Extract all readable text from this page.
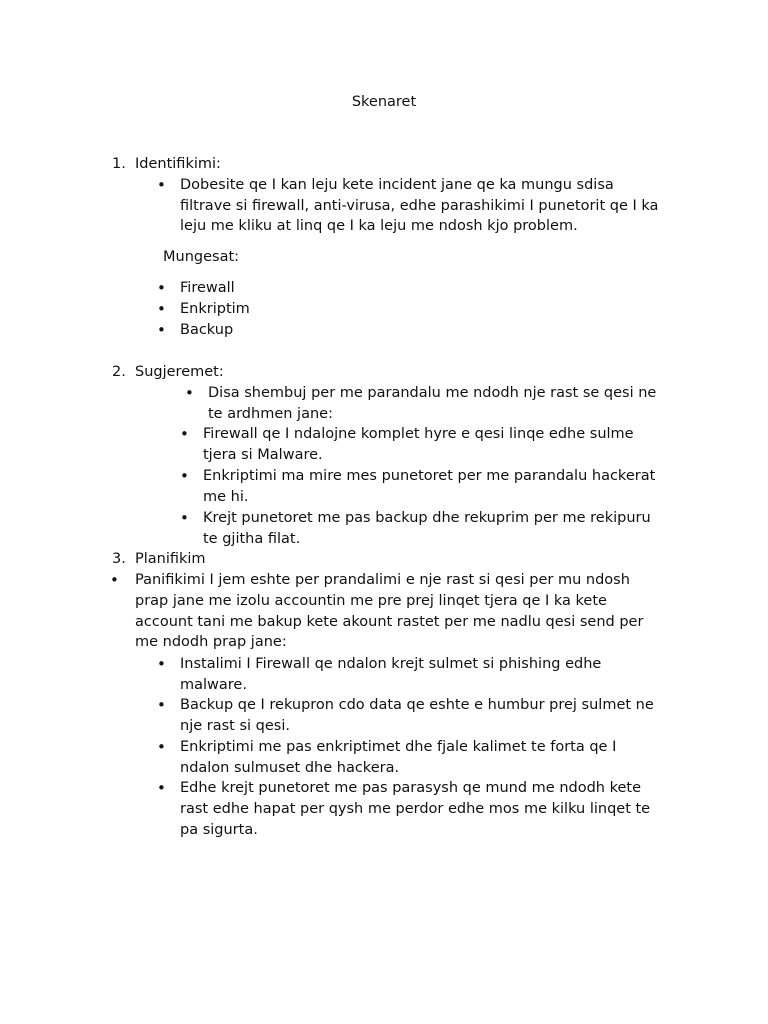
Skenaret
1. Identifikimi:
• Dobesite qe I kan leju kete incident jane qe ka mungu sdisa
filtrave si firewall, anti-virusa, edhe parashikimi I punetorit qe I ka
leju me kliku at linq qe I ka leju me ndosh kjo problem.
Mungesat:
• Firewall
• Enkriptim
• Backup
2. Sugjeremet:
• Disa shembuj per me parandalu me ndodh nje rast se qesi ne
te ardhmen jane:
• Firewall qe I ndalojne komplet hyre e qesi linqe edhe sulme
tjera si Malware.
• Enkriptimi ma mire mes punetoret per me parandalu hackerat
me hi.
• Krejt punetoret me pas backup dhe rekuprim per me rekipuru
te gjitha filat.
3. Planifikim
• Panifikimi I jem eshte per prandalimi e nje rast si qesi per mu ndosh
prap jane me izolu accountin me pre prej linqet tjera qe I ka kete
account tani me bakup kete akount rastet per me nadlu qesi send per
me ndodh prap jane:
• Instalimi I Firewall qe ndalon krejt sulmet si phishing edhe
malware.
• Backup qe I rekupron cdo data qe eshte e humbur prej sulmet ne
nje rast si qesi.
• Enkriptimi me pas enkriptimet dhe fjale kalimet te forta qe I
ndalon sulmuset dhe hackera.
• Edhe krejt punetoret me pas parasysh qe mund me ndodh kete
rast edhe hapat per qysh me perdor edhe mos me kilku linqet te
pa sigurta.
